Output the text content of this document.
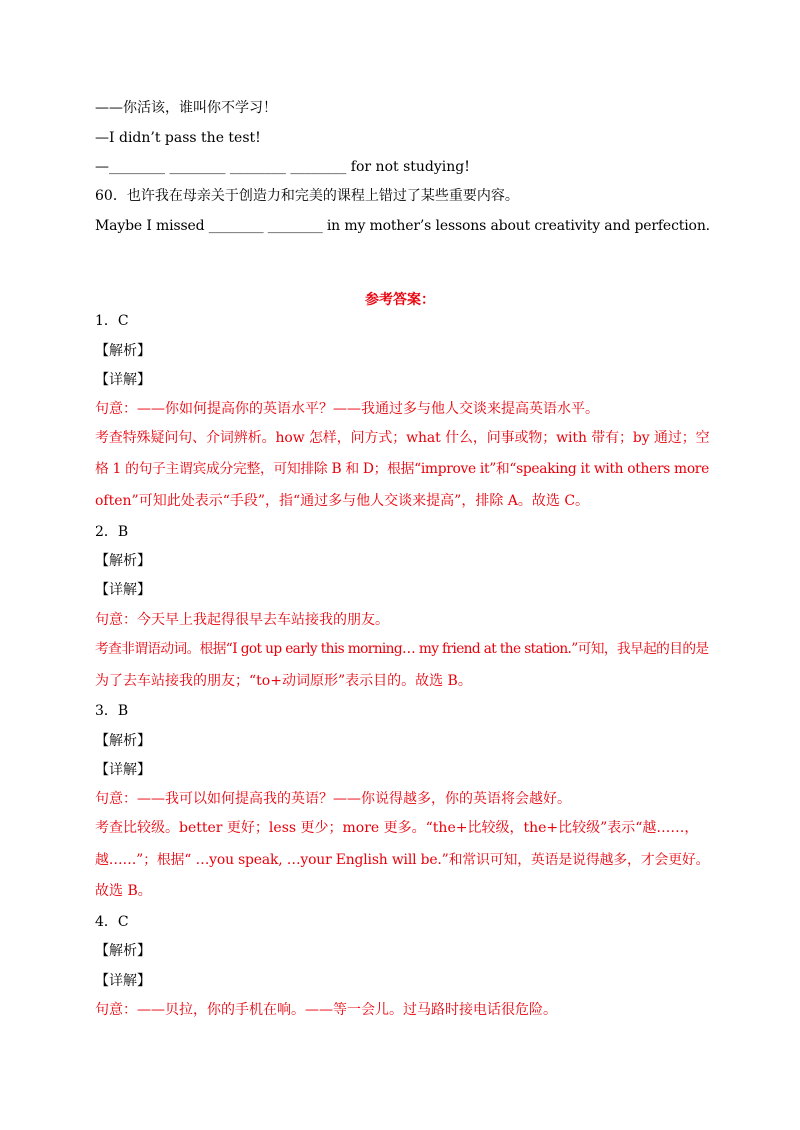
——你活该，谁叫你不学习！
—I didn’t pass the test!
—________ ________ ________ ________ for not studying!
60．也许我在母亲关于创造力和完美的课程上错过了某些重要内容。
Maybe I missed ________ ________ in my mother’s lessons about creativity and perfection.
参考答案：
1．C
【解析】
【详解】
句意：——你如何提高你的英语水平？——我通过多与他人交谈来提高英语水平。
考查特殊疑问句、介词辨析。how 怎样，问方式；what 什么，问事或物；with 带有；by 通过；空
格 1 的句子主谓宾成分完整，可知排除 B 和 D；根据“improve it”和“speaking it with others more
often”可知此处表示“手段”，指“通过多与他人交谈来提高”，排除 A。故选 C。
2．B
【解析】
【详解】
句意：今天早上我起得很早去车站接我的朋友。
考查非谓语动词。根据“I got up early this morning… my friend at the station.”可知，我早起的目的是
为了去车站接我的朋友；“to+动词原形”表示目的。故选 B。
3．B
【解析】
【详解】
句意：——我可以如何提高我的英语？——你说得越多，你的英语将会越好。
考查比较级。better 更好；less 更少；more 更多。“the+比较级，the+比较级”表示“越……，
越……”；根据“ …you speak, …your English will be.”和常识可知，英语是说得越多，才会更好。
故选 B。
4．C
【解析】
【详解】
句意：——贝拉，你的手机在响。——等一会儿。过马路时接电话很危险。
